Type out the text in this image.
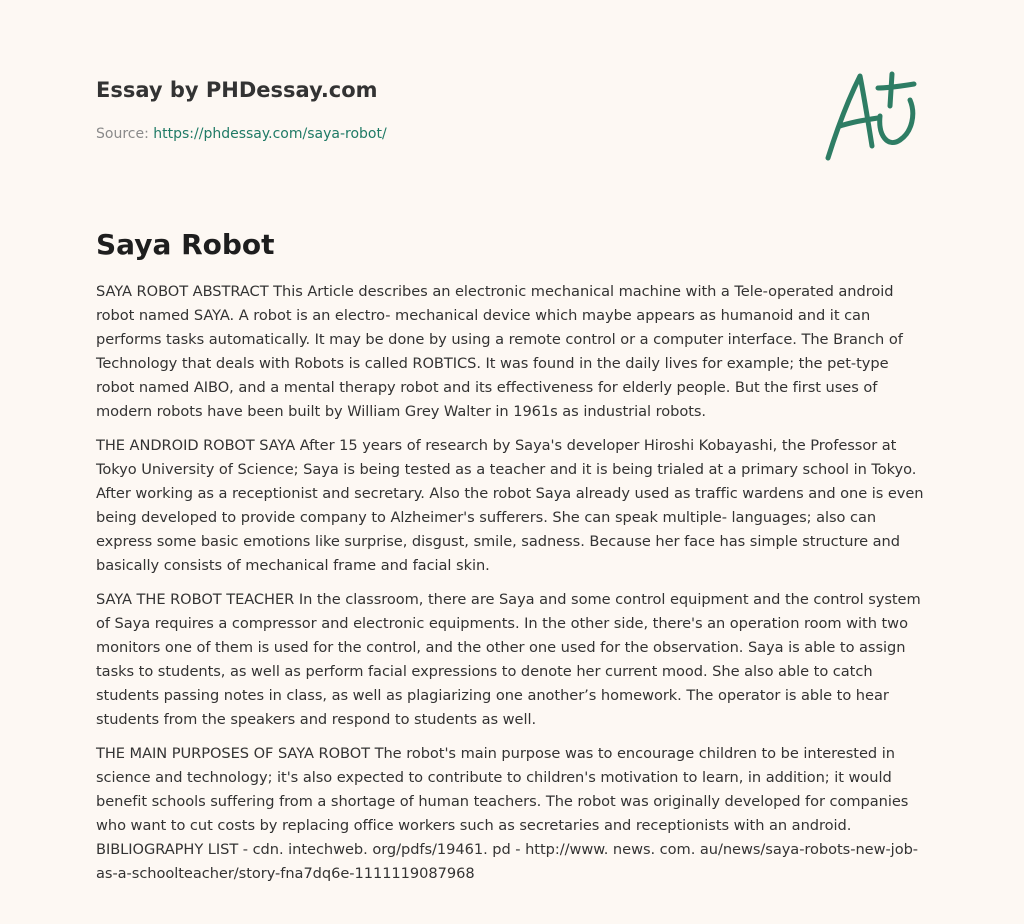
Essay by PHDessay.com
Source: https://phdessay.com/saya-robot/
Saya Robot

SAYA ROBOT ABSTRACT This Article describes an electronic mechanical machine with a Tele-operated android robot named SAYA. A robot is an electro- mechanical device which maybe appears as humanoid and it can performs tasks automatically. It may be done by using a remote control or a computer interface. The Branch of Technology that deals with Robots is called ROBTICS. It was found in the daily lives for example; the pet-type robot named AIBO, and a mental therapy robot and its effectiveness for elderly people. But the first uses of modern robots have been built by William Grey Walter in 1961s as industrial robots.

THE ANDROID ROBOT SAYA After 15 years of research by Saya's developer Hiroshi Kobayashi, the Professor at Tokyo University of Science; Saya is being tested as a teacher and it is being trialed at a primary school in Tokyo. After working as a receptionist and secretary. Also the robot Saya already used as traffic wardens and one is even being developed to provide company to Alzheimer's sufferers. She can speak multiple- languages; also can express some basic emotions like surprise, disgust, smile, sadness. Because her face has simple structure and basically consists of mechanical frame and facial skin.

SAYA THE ROBOT TEACHER In the classroom, there are Saya and some control equipment and the control system of Saya requires a compressor and electronic equipments. In the other side, there's an operation room with two monitors one of them is used for the control, and the other one used for the observation. Saya is able to assign tasks to students, as well as perform facial expressions to denote her current mood. She also able to catch students passing notes in class, as well as plagiarizing one another’s homework. The operator is able to hear students from the speakers and respond to students as well.

THE MAIN PURPOSES OF SAYA ROBOT The robot's main purpose was to encourage children to be interested in science and technology; it's also expected to contribute to children's motivation to learn, in addition; it would benefit schools suffering from a shortage of human teachers. The robot was originally developed for companies who want to cut costs by replacing office workers such as secretaries and receptionists with an android. BIBLIOGRAPHY LIST - cdn. intechweb. org/pdfs/19461. pd - http://www. news. com. au/news/saya-robots-new-job-as-a-schoolteacher/story-fna7dq6e-1111119087968
